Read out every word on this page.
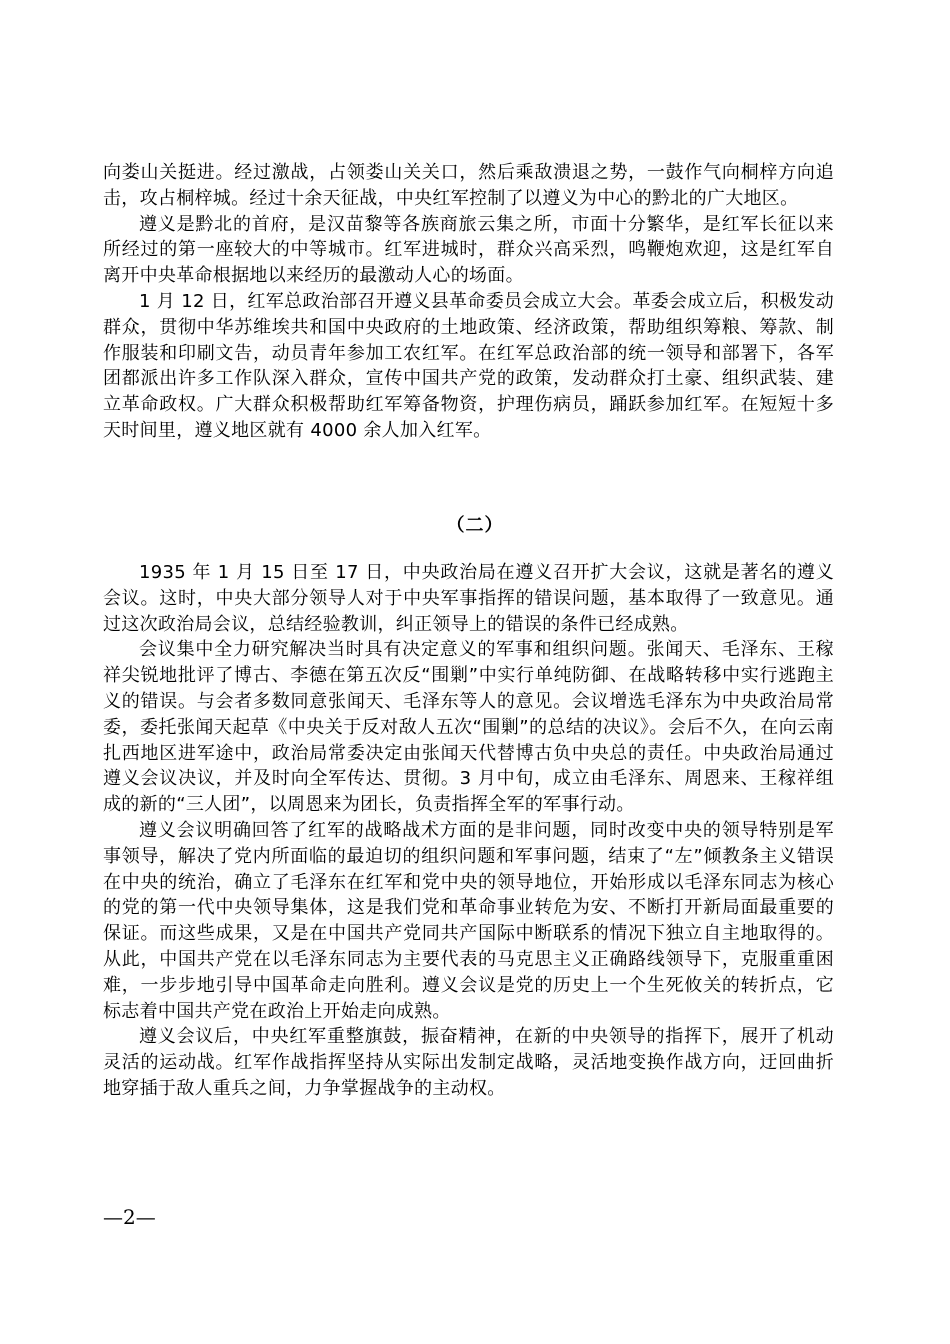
向娄山关挺进。经过激战，占领娄山关关口，然后乘敌溃退之势，一鼓作气向桐梓方向追击，攻占桐梓城。经过十余天征战，中央红军控制了以遵义为中心的黔北的广大地区。

遵义是黔北的首府，是汉苗黎等各族商旅云集之所，市面十分繁华，是红军长征以来所经过的第一座较大的中等城市。红军进城时，群众兴高采烈，鸣鞭炮欢迎，这是红军自离开中央革命根据地以来经历的最激动人心的场面。

1 月 12 日，红军总政治部召开遵义县革命委员会成立大会。革委会成立后，积极发动群众，贯彻中华苏维埃共和国中央政府的土地政策、经济政策，帮助组织筹粮、筹款、制作服装和印刷文告，动员青年参加工农红军。在红军总政治部的统一领导和部署下，各军团都派出许多工作队深入群众，宣传中国共产党的政策，发动群众打土豪、组织武装、建立革命政权。广大群众积极帮助红军筹备物资，护理伤病员，踊跃参加红军。在短短十多天时间里，遵义地区就有 4000 余人加入红军。

（二）

1935 年 1 月 15 日至 17 日，中央政治局在遵义召开扩大会议，这就是著名的遵义会议。这时，中央大部分领导人对于中央军事指挥的错误问题，基本取得了一致意见。通过这次政治局会议，总结经验教训，纠正领导上的错误的条件已经成熟。

会议集中全力研究解决当时具有决定意义的军事和组织问题。张闻天、毛泽东、王稼祥尖锐地批评了博古、李德在第五次反“围剿”中实行单纯防御、在战略转移中实行逃跑主义的错误。与会者多数同意张闻天、毛泽东等人的意见。会议增选毛泽东为中央政治局常委，委托张闻天起草《中央关于反对敌人五次“围剿”的总结的决议》。会后不久，在向云南扎西地区进军途中，政治局常委决定由张闻天代替博古负中央总的责任。中央政治局通过遵义会议决议，并及时向全军传达、贯彻。3 月中旬，成立由毛泽东、周恩来、王稼祥组成的新的“三人团”，以周恩来为团长，负责指挥全军的军事行动。

遵义会议明确回答了红军的战略战术方面的是非问题，同时改变中央的领导特别是军事领导，解决了党内所面临的最迫切的组织问题和军事问题，结束了“左”倾教条主义错误在中央的统治，确立了毛泽东在红军和党中央的领导地位，开始形成以毛泽东同志为核心的党的第一代中央领导集体，这是我们党和革命事业转危为安、不断打开新局面最重要的保证。而这些成果，又是在中国共产党同共产国际中断联系的情况下独立自主地取得的。从此，中国共产党在以毛泽东同志为主要代表的马克思主义正确路线领导下，克服重重困难，一步步地引导中国革命走向胜利。遵义会议是党的历史上一个生死攸关的转折点，它标志着中国共产党在政治上开始走向成熟。

遵义会议后，中央红军重整旗鼓，振奋精神，在新的中央领导的指挥下，展开了机动灵活的运动战。红军作战指挥坚持从实际出发制定战略，灵活地变换作战方向，迂回曲折地穿插于敌人重兵之间，力争掌握战争的主动权。

—2—
